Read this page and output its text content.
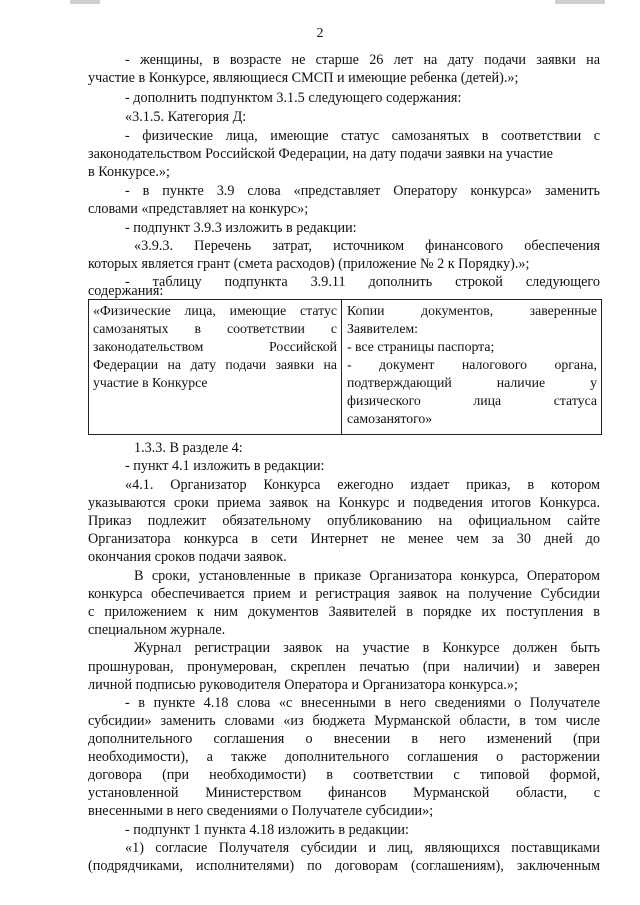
2
- женщины, в возрасте не старше 26 лет на дату подачи заявки на
участие в Конкурсе, являющиеся СМСП и имеющие ребенка (детей).»;
- дополнить подпунктом 3.1.5 следующего содержания:
«3.1.5. Категория Д:
- физические лица, имеющие статус самозанятых в соответствии с
законодательством Российской Федерации, на дату подачи заявки на участие
в Конкурсе.»;
- в пункте 3.9 слова «представляет Оператору конкурса» заменить
словами «представляет на конкурс»;
- подпункт 3.9.3 изложить в редакции:
«3.9.3. Перечень затрат, источником финансового обеспечения
которых является грант (смета расходов) (приложение № 2 к Порядку).»;
- таблицу подпункта 3.9.11 дополнить строкой следующего
содержания:
«Физические лица, имеющие статус
самозанятых в соответствии с
законодательством Российской
Федерации на дату подачи заявки на
участие в Конкурсе
Копии документов, заверенные
Заявителем:
- все страницы паспорта;
- документ налогового органа,
подтверждающий наличие у
физического лица статуса
самозанятого»
1.3.3. В разделе 4:
- пункт 4.1 изложить в редакции:
«4.1. Организатор Конкурса ежегодно издает приказ, в котором
указываются сроки приема заявок на Конкурс и подведения итогов Конкурса.
Приказ подлежит обязательному опубликованию на официальном сайте
Организатора конкурса в сети Интернет не менее чем за 30 дней до
окончания сроков подачи заявок.
В сроки, установленные в приказе Организатора конкурса, Оператором
конкурса обеспечивается прием и регистрация заявок на получение Субсидии
с приложением к ним документов Заявителей в порядке их поступления в
специальном журнале.
Журнал регистрации заявок на участие в Конкурсе должен быть
прошнурован, пронумерован, скреплен печатью (при наличии) и заверен
личной подписью руководителя Оператора и Организатора конкурса.»;
- в пункте 4.18 слова «с внесенными в него сведениями о Получателе
субсидии» заменить словами «из бюджета Мурманской области, в том числе
дополнительного соглашения о внесении в него изменений (при
необходимости), а также дополнительного соглашения о расторжении
договора (при необходимости) в соответствии с типовой формой,
установленной Министерством финансов Мурманской области, с
внесенными в него сведениями о Получателе субсидии»;
- подпункт 1 пункта 4.18 изложить в редакции:
«1) согласие Получателя субсидии и лиц, являющихся поставщиками
(подрядчиками, исполнителями) по договорам (соглашениям), заключенным
